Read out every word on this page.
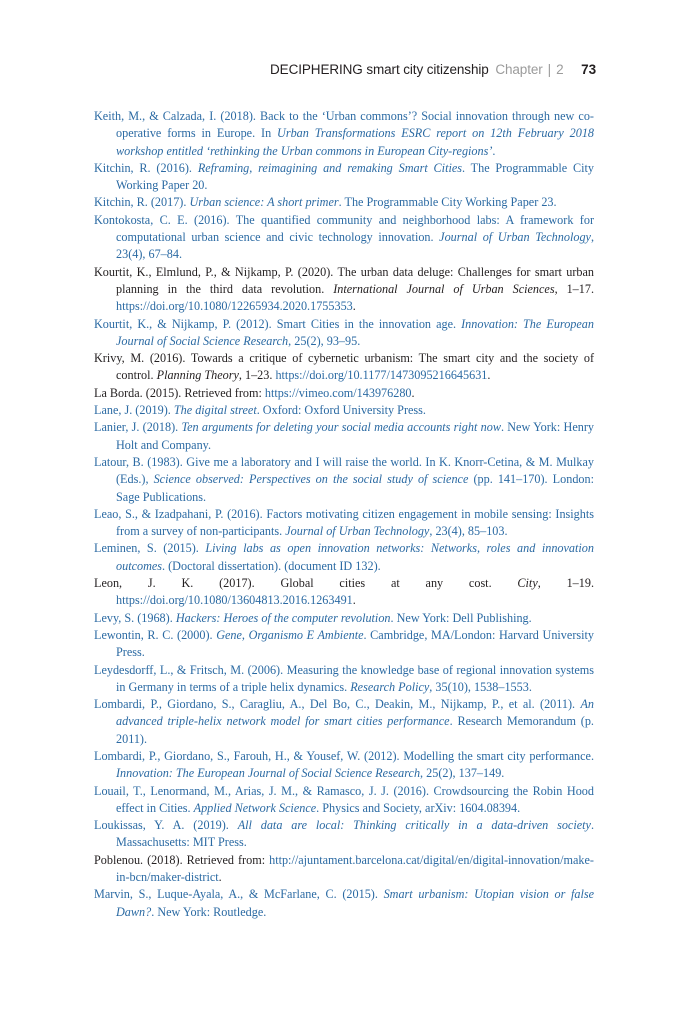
DECIPHERING smart city citizenship Chapter | 2 73

Keith, M., & Calzada, I. (2018). Back to the ‘Urban commons’? Social innovation through new co-operative forms in Europe. In Urban Transformations ESRC report on 12th February 2018 workshop entitled ‘rethinking the Urban commons in European City-regions’.

Kitchin, R. (2016). Reframing, reimagining and remaking Smart Cities. The Programmable City Working Paper 20.

Kitchin, R. (2017). Urban science: A short primer. The Programmable City Working Paper 23.

Kontokosta, C. E. (2016). The quantified community and neighborhood labs: A framework for computational urban science and civic technology innovation. Journal of Urban Technology, 23(4), 67–84.

Kourtit, K., Elmlund, P., & Nijkamp, P. (2020). The urban data deluge: Challenges for smart urban planning in the third data revolution. International Journal of Urban Sciences, 1–17. https://doi.org/10.1080/12265934.2020.1755353.

Kourtit, K., & Nijkamp, P. (2012). Smart Cities in the innovation age. Innovation: The European Journal of Social Science Research, 25(2), 93–95.

Krivy, M. (2016). Towards a critique of cybernetic urbanism: The smart city and the society of control. Planning Theory, 1–23. https://doi.org/10.1177/1473095216645631.

La Borda. (2015). Retrieved from: https://vimeo.com/143976280.

Lane, J. (2019). The digital street. Oxford: Oxford University Press.

Lanier, J. (2018). Ten arguments for deleting your social media accounts right now. New York: Henry Holt and Company.

Latour, B. (1983). Give me a laboratory and I will raise the world. In K. Knorr-Cetina, & M. Mulkay (Eds.), Science observed: Perspectives on the social study of science (pp. 141–170). London: Sage Publications.

Leao, S., & Izadpahani, P. (2016). Factors motivating citizen engagement in mobile sensing: Insights from a survey of non-participants. Journal of Urban Technology, 23(4), 85–103.

Leminen, S. (2015). Living labs as open innovation networks: Networks, roles and innovation outcomes. (Doctoral dissertation). (document ID 132).

Leon, J. K. (2017). Global cities at any cost. City, 1–19. https://doi.org/10.1080/13604813.2016.1263491.

Levy, S. (1968). Hackers: Heroes of the computer revolution. New York: Dell Publishing.

Lewontin, R. C. (2000). Gene, Organismo E Ambiente. Cambridge, MA/London: Harvard University Press.

Leydesdorff, L., & Fritsch, M. (2006). Measuring the knowledge base of regional innovation systems in Germany in terms of a triple helix dynamics. Research Policy, 35(10), 1538–1553.

Lombardi, P., Giordano, S., Caragliu, A., Del Bo, C., Deakin, M., Nijkamp, P., et al. (2011). An advanced triple-helix network model for smart cities performance. Research Memorandum (p. 2011).

Lombardi, P., Giordano, S., Farouh, H., & Yousef, W. (2012). Modelling the smart city performance. Innovation: The European Journal of Social Science Research, 25(2), 137–149.

Louail, T., Lenormand, M., Arias, J. M., & Ramasco, J. J. (2016). Crowdsourcing the Robin Hood effect in Cities. Applied Network Science. Physics and Society, arXiv: 1604.08394.

Loukissas, Y. A. (2019). All data are local: Thinking critically in a data-driven society. Massachusetts: MIT Press.

Poblenou. (2018). Retrieved from: http://ajuntament.barcelona.cat/digital/en/digital-innovation/make-in-bcn/maker-district.

Marvin, S., Luque-Ayala, A., & McFarlane, C. (2015). Smart urbanism: Utopian vision or false Dawn?. New York: Routledge.
